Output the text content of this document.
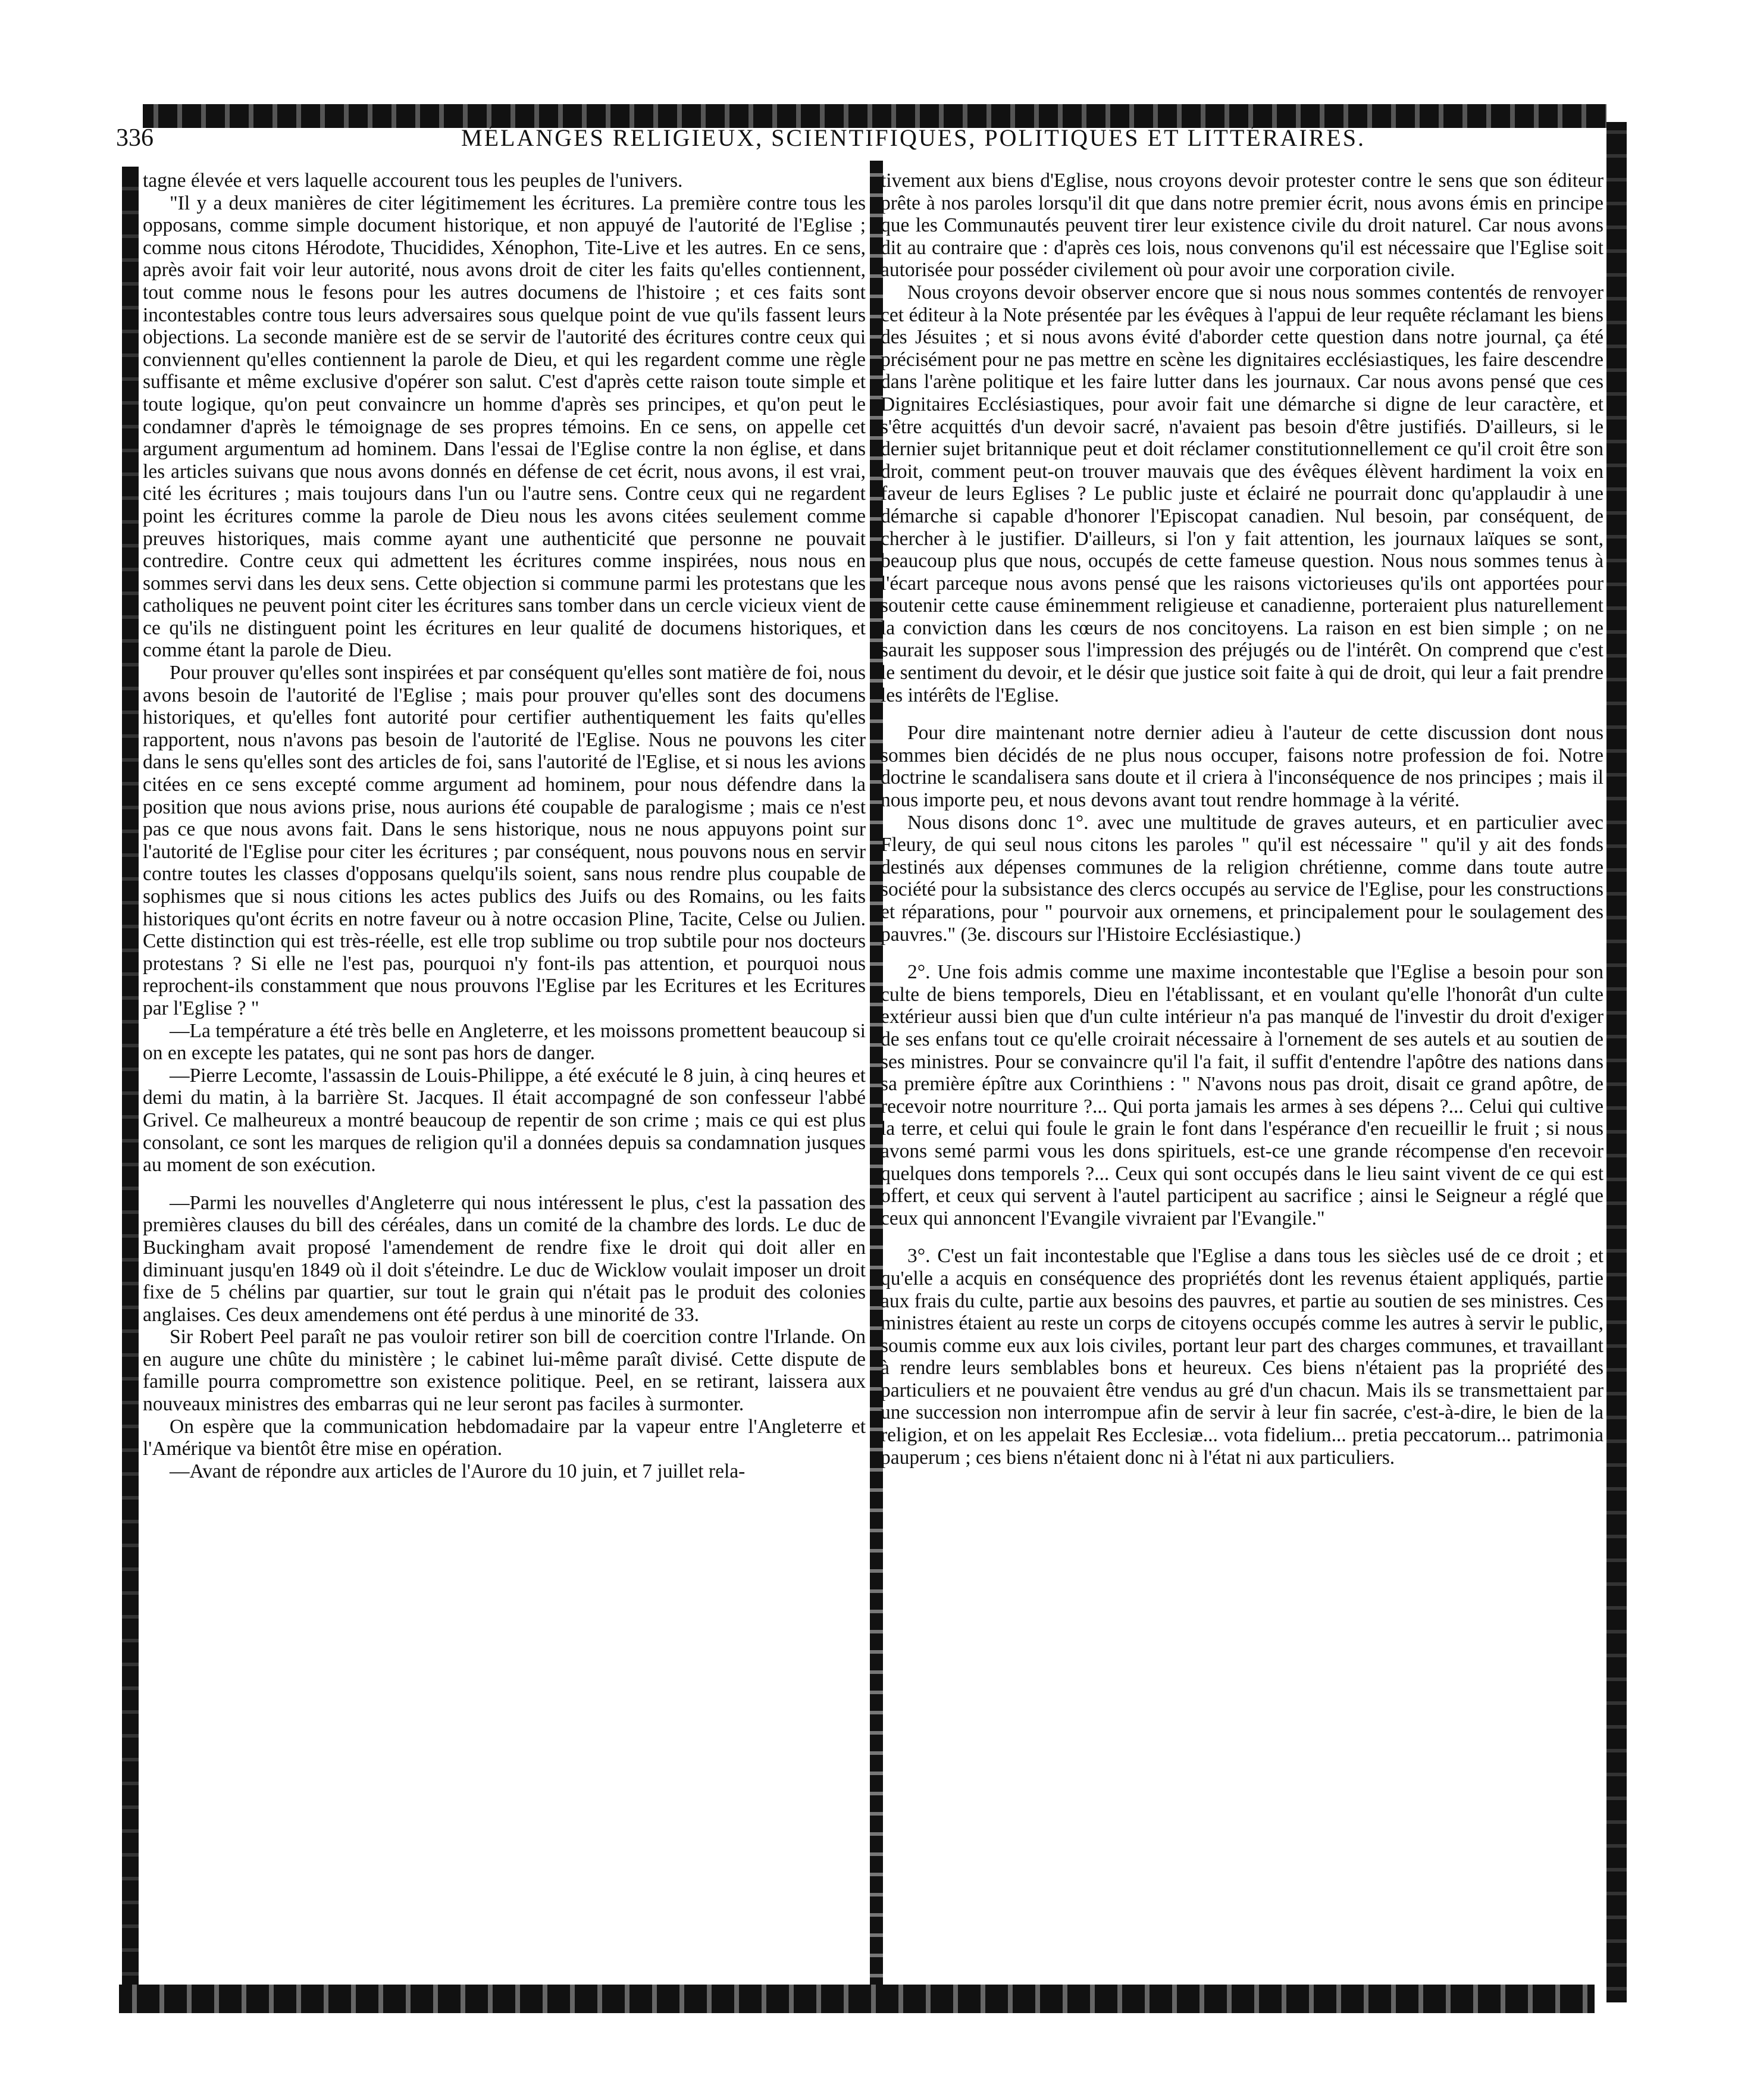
336	MÉLANGES RELIGIEUX, SCIENTIFIQUES, POLITIQUES ET LITTÉRAIRES.

tagne élevée et vers laquelle accourent tous les peuples de l'univers.

"Il y a deux manières de citer légitimement les écritures. La première contre tous les opposans, comme simple document historique, et non appuyé de l'autorité de l'Eglise ; comme nous citons Hérodote, Thucidides, Xénophon, Tite-Live et les autres. En ce sens, après avoir fait voir leur autorité, nous avons droit de citer les faits qu'elles contiennent, tout comme nous le fesons pour les autres documens de l'histoire ; et ces faits sont incontestables contre tous leurs adversaires sous quelque point de vue qu'ils fassent leurs objections. La seconde manière est de se servir de l'autorité des écritures contre ceux qui conviennent qu'elles contiennent la parole de Dieu, et qui les regardent comme une règle suffisante et même exclusive d'opérer son salut. C'est d'après cette raison toute simple et toute logique, qu'on peut convaincre un homme d'après ses principes, et qu'on peut le condamner d'après le témoignage de ses propres témoins. En ce sens, on appelle cet argument argumentum ad hominem. Dans l'essai de l'Eglise contre la non église, et dans les articles suivans que nous avons donnés en défense de cet écrit, nous avons, il est vrai, cité les écritures ; mais toujours dans l'un ou l'autre sens. Contre ceux qui ne regardent point les écritures comme la parole de Dieu nous les avons citées seulement comme preuves historiques, mais comme ayant une authenticité que personne ne pouvait contredire. Contre ceux qui admettent les écritures comme inspirées, nous nous en sommes servi dans les deux sens. Cette objection si commune parmi les protestans que les catholiques ne peuvent point citer les écritures sans tomber dans un cercle vicieux vient de ce qu'ils ne distinguent point les écritures en leur qualité de documens historiques, et comme étant la parole de Dieu.

Pour prouver qu'elles sont inspirées et par conséquent qu'elles sont matière de foi, nous avons besoin de l'autorité de l'Eglise ; mais pour prouver qu'elles sont des documens historiques, et qu'elles font autorité pour certifier authentiquement les faits qu'elles rapportent, nous n'avons pas besoin de l'autorité de l'Eglise. Nous ne pouvons les citer dans le sens qu'elles sont des articles de foi, sans l'autorité de l'Eglise, et si nous les avions citées en ce sens excepté comme argument ad hominem, pour nous défendre dans la position que nous avions prise, nous aurions été coupable de paralogisme ; mais ce n'est pas ce que nous avons fait. Dans le sens historique, nous ne nous appuyons point sur l'autorité de l'Eglise pour citer les écritures ; par conséquent, nous pouvons nous en servir contre toutes les classes d'opposans quelqu'ils soient, sans nous rendre plus coupable de sophismes que si nous citions les actes publics des Juifs ou des Romains, ou les faits historiques qu'ont écrits en notre faveur ou à notre occasion Pline, Tacite, Celse ou Julien. Cette distinction qui est très-réelle, est elle trop sublime ou trop subtile pour nos docteurs protestans ? Si elle ne l'est pas, pourquoi n'y font-ils pas attention, et pourquoi nous reprochent-ils constamment que nous prouvons l'Eglise par les Ecritures et les Ecritures par l'Eglise ? "

—La température a été très belle en Angleterre, et les moissons promettent beaucoup si on en excepte les patates, qui ne sont pas hors de danger.

—Pierre Lecomte, l'assassin de Louis-Philippe, a été exécuté le 8 juin, à cinq heures et demi du matin, à la barrière St. Jacques. Il était accompagné de son confesseur l'abbé Grivel. Ce malheureux a montré beaucoup de repentir de son crime ; mais ce qui est plus consolant, ce sont les marques de religion qu'il a données depuis sa condamnation jusques au moment de son exécution.

—Parmi les nouvelles d'Angleterre qui nous intéressent le plus, c'est la passation des premières clauses du bill des céréales, dans un comité de la chambre des lords. Le duc de Buckingham avait proposé l'amendement de rendre fixe le droit qui doit aller en diminuant jusqu'en 1849 où il doit s'éteindre. Le duc de Wicklow voulait imposer un droit fixe de 5 chélins par quartier, sur tout le grain qui n'était pas le produit des colonies anglaises. Ces deux amendemens ont été perdus à une minorité de 33.

Sir Robert Peel paraît ne pas vouloir retirer son bill de coercition contre l'Irlande. On en augure une chûte du ministère ; le cabinet lui-même paraît divisé. Cette dispute de famille pourra compromettre son existence politique. Peel, en se retirant, laissera aux nouveaux ministres des embarras qui ne leur seront pas faciles à surmonter.

On espère que la communication hebdomadaire par la vapeur entre l'Angleterre et l'Amérique va bientôt être mise en opération.

—Avant de répondre aux articles de l'Aurore du 10 juin, et 7 juillet rela-

tivement aux biens d'Eglise, nous croyons devoir protester contre le sens que son éditeur prête à nos paroles lorsqu'il dit que dans notre premier écrit, nous avons émis en principe que les Communautés peuvent tirer leur existence civile du droit naturel. Car nous avons dit au contraire que : d'après ces lois, nous convenons qu'il est nécessaire que l'Eglise soit autorisée pour posséder civilement où pour avoir une corporation civile.

Nous croyons devoir observer encore que si nous nous sommes contentés de renvoyer cet éditeur à la Note présentée par les évêques à l'appui de leur requête réclamant les biens des Jésuites ; et si nous avons évité d'aborder cette question dans notre journal, ça été précisément pour ne pas mettre en scène les dignitaires ecclésiastiques, les faire descendre dans l'arène politique et les faire lutter dans les journaux. Car nous avons pensé que ces Dignitaires Ecclésiastiques, pour avoir fait une démarche si digne de leur caractère, et s'être acquittés d'un devoir sacré, n'avaient pas besoin d'être justifiés. D'ailleurs, si le dernier sujet britannique peut et doit réclamer constitutionnellement ce qu'il croit être son droit, comment peut-on trouver mauvais que des évêques élèvent hardiment la voix en faveur de leurs Eglises ? Le public juste et éclairé ne pourrait donc qu'applaudir à une démarche si capable d'honorer l'Episcopat canadien. Nul besoin, par conséquent, de chercher à le justifier. D'ailleurs, si l'on y fait attention, les journaux laïques se sont, beaucoup plus que nous, occupés de cette fameuse question. Nous nous sommes tenus à l'écart parceque nous avons pensé que les raisons victorieuses qu'ils ont apportées pour soutenir cette cause éminemment religieuse et canadienne, porteraient plus naturellement la conviction dans les cœurs de nos concitoyens. La raison en est bien simple ; on ne saurait les supposer sous l'impression des préjugés ou de l'intérêt. On comprend que c'est le sentiment du devoir, et le désir que justice soit faite à qui de droit, qui leur a fait prendre les intérêts de l'Eglise.

Pour dire maintenant notre dernier adieu à l'auteur de cette discussion dont nous sommes bien décidés de ne plus nous occuper, faisons notre profession de foi. Notre doctrine le scandalisera sans doute et il criera à l'inconséquence de nos principes ; mais il nous importe peu, et nous devons avant tout rendre hommage à la vérité.

Nous disons donc 1°. avec une multitude de graves auteurs, et en particulier avec Fleury, de qui seul nous citons les paroles " qu'il est nécessaire " qu'il y ait des fonds destinés aux dépenses communes de la religion chrétienne, comme dans toute autre société pour la subsistance des clercs occupés au service de l'Eglise, pour les constructions et réparations, pour " pourvoir aux ornemens, et principalement pour le soulagement des pauvres." (3e. discours sur l'Histoire Ecclésiastique.)

2°. Une fois admis comme une maxime incontestable que l'Eglise a besoin pour son culte de biens temporels, Dieu en l'établissant, et en voulant qu'elle l'honorât d'un culte extérieur aussi bien que d'un culte intérieur n'a pas manqué de l'investir du droit d'exiger de ses enfans tout ce qu'elle croirait nécessaire à l'ornement de ses autels et au soutien de ses ministres. Pour se convaincre qu'il l'a fait, il suffit d'entendre l'apôtre des nations dans sa première épître aux Corinthiens : " N'avons nous pas droit, disait ce grand apôtre, de recevoir notre nourriture ?... Qui porta jamais les armes à ses dépens ?... Celui qui cultive la terre, et celui qui foule le grain le font dans l'espérance d'en recueillir le fruit ; si nous avons semé parmi vous les dons spirituels, est-ce une grande récompense d'en recevoir quelques dons temporels ?... Ceux qui sont occupés dans le lieu saint vivent de ce qui est offert, et ceux qui servent à l'autel participent au sacrifice ; ainsi le Seigneur a réglé que ceux qui annoncent l'Evangile vivraient par l'Evangile."

3°. C'est un fait incontestable que l'Eglise a dans tous les siècles usé de ce droit ; et qu'elle a acquis en conséquence des propriétés dont les revenus étaient appliqués, partie aux frais du culte, partie aux besoins des pauvres, et partie au soutien de ses ministres. Ces ministres étaient au reste un corps de citoyens occupés comme les autres à servir le public, soumis comme eux aux lois civiles, portant leur part des charges communes, et travaillant à rendre leurs semblables bons et heureux. Ces biens n'étaient pas la propriété des particuliers et ne pouvaient être vendus au gré d'un chacun. Mais ils se transmettaient par une succession non interrompue afin de servir à leur fin sacrée, c'est-à-dire, le bien de la religion, et on les appelait Res Ecclesiæ... vota fidelium... pretia peccatorum... patrimonia pauperum ; ces biens n'étaient donc ni à l'état ni aux particuliers.
